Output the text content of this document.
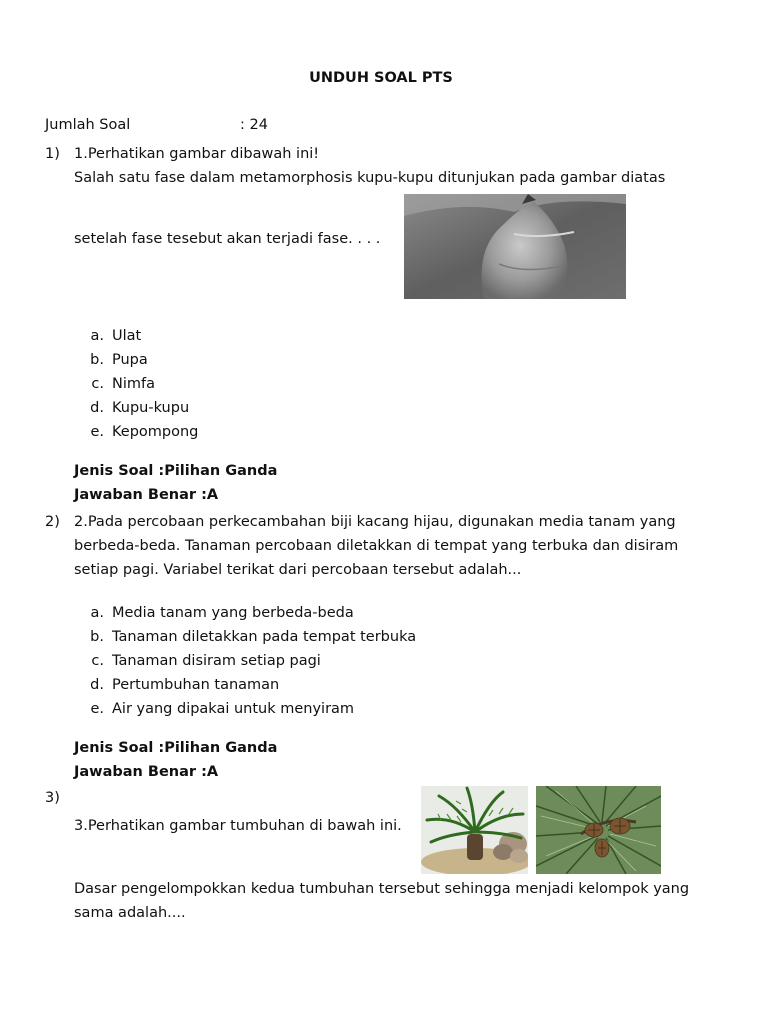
UNDUH SOAL PTS
Jumlah Soal	: 24
1) 1.Perhatikan gambar dibawah ini!
Salah satu fase dalam metamorphosis kupu-kupu ditunjukan pada gambar diatas
setelah fase tesebut akan terjadi fase. . . .
a. Ulat
b. Pupa
c. Nimfa
d. Kupu-kupu
e. Kepompong
Jenis Soal :Pilihan Ganda
Jawaban Benar :A
2) 2.Pada percobaan perkecambahan biji kacang hijau, digunakan media tanam yang berbeda-beda. Tanaman percobaan diletakkan di tempat yang terbuka dan disiram setiap pagi. Variabel terikat dari percobaan tersebut adalah...
a. Media tanam yang berbeda-beda
b. Tanaman diletakkan pada tempat terbuka
c. Tanaman disiram setiap pagi
d. Pertumbuhan tanaman
e. Air yang dipakai untuk menyiram
Jenis Soal :Pilihan Ganda
Jawaban Benar :A
3)
3.Perhatikan gambar tumbuhan di bawah ini.
Dasar pengelompokkan kedua tumbuhan tersebut sehingga menjadi kelompok yang sama adalah....
